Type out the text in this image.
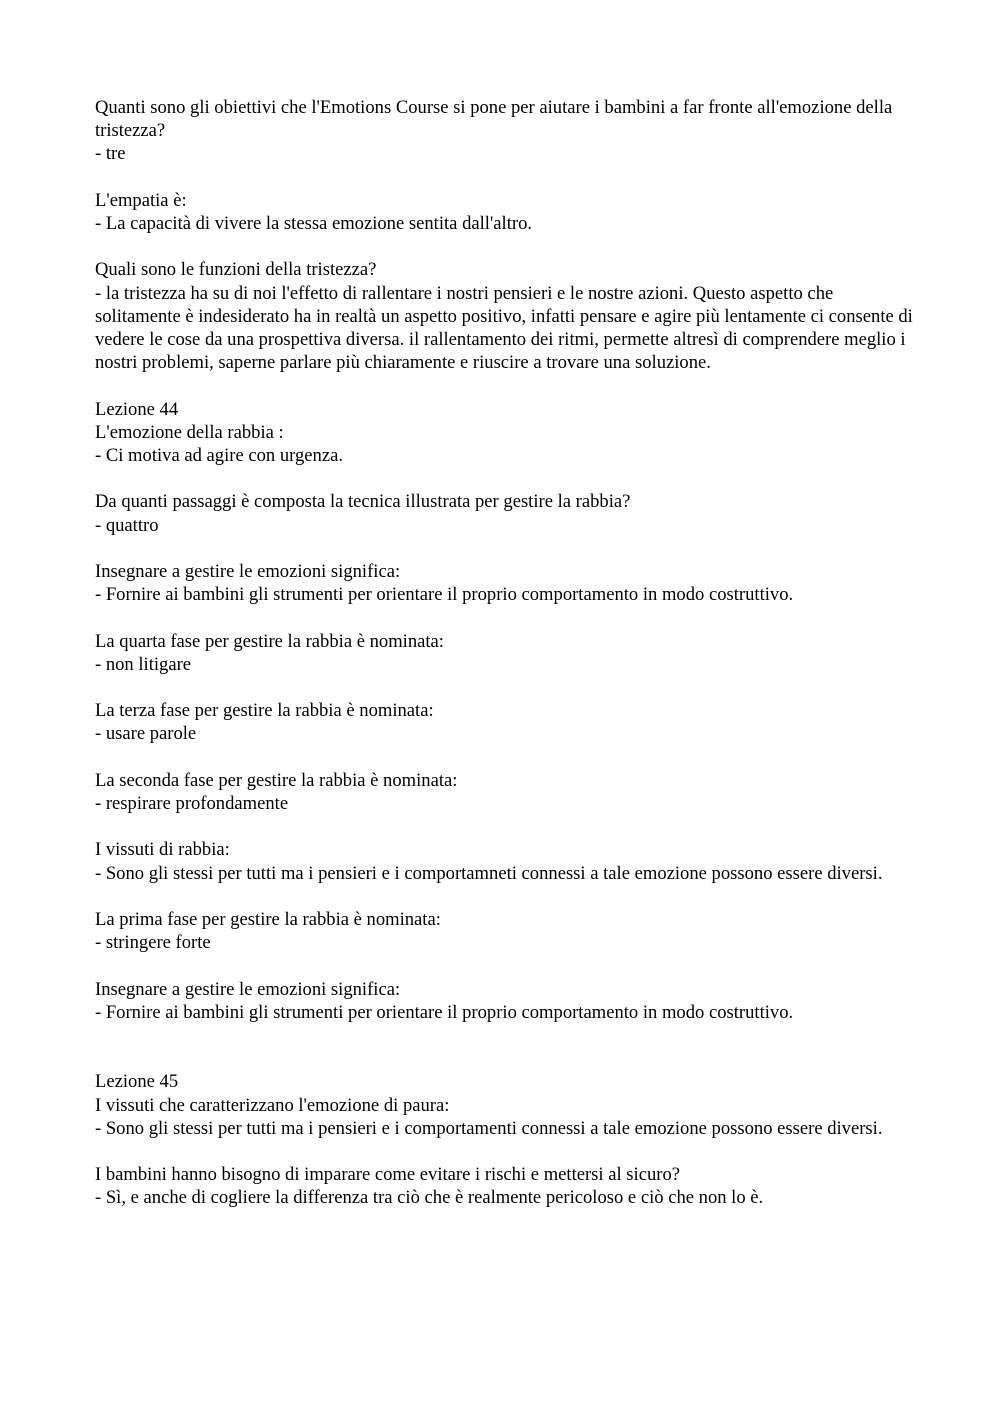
Quanti sono gli obiettivi che l'Emotions Course si pone per aiutare i bambini a far fronte all'emozione della tristezza?
- tre
L'empatia è:
- La capacità di vivere la stessa emozione sentita dall'altro.
Quali sono le funzioni della tristezza?
- la tristezza ha su di noi l'effetto di rallentare i nostri pensieri e le nostre azioni. Questo aspetto che solitamente è indesiderato ha in realtà un aspetto positivo, infatti pensare e agire più lentamente ci consente di vedere le cose da una prospettiva diversa. il rallentamento dei ritmi, permette altresì di comprendere meglio i nostri problemi, saperne parlare più chiaramente e riuscire a trovare una soluzione.
Lezione 44
L'emozione della rabbia :
- Ci motiva ad agire con urgenza.
Da quanti passaggi è composta la tecnica illustrata per gestire la rabbia?
- quattro
Insegnare a gestire le emozioni significa:
- Fornire ai bambini gli strumenti per orientare il proprio comportamento in modo costruttivo.
La quarta fase per gestire la rabbia è nominata:
- non litigare
La terza fase per gestire la rabbia è nominata:
- usare parole
La seconda fase per gestire la rabbia è nominata:
- respirare profondamente
I vissuti di rabbia:
- Sono gli stessi per tutti ma i pensieri e i comportamneti connessi a tale emozione possono essere diversi.
La prima fase per gestire la rabbia è nominata:
- stringere forte
Insegnare a gestire le emozioni significa:
- Fornire ai bambini gli strumenti per orientare il proprio comportamento in modo costruttivo.
Lezione 45
I vissuti che caratterizzano l'emozione di paura:
- Sono gli stessi per tutti ma i pensieri e i comportamenti connessi a tale emozione possono essere diversi.
I bambini hanno bisogno di imparare come evitare i rischi e mettersi al sicuro?
- Sì, e anche di cogliere la differenza tra ciò che è realmente pericoloso e ciò che non lo è.
